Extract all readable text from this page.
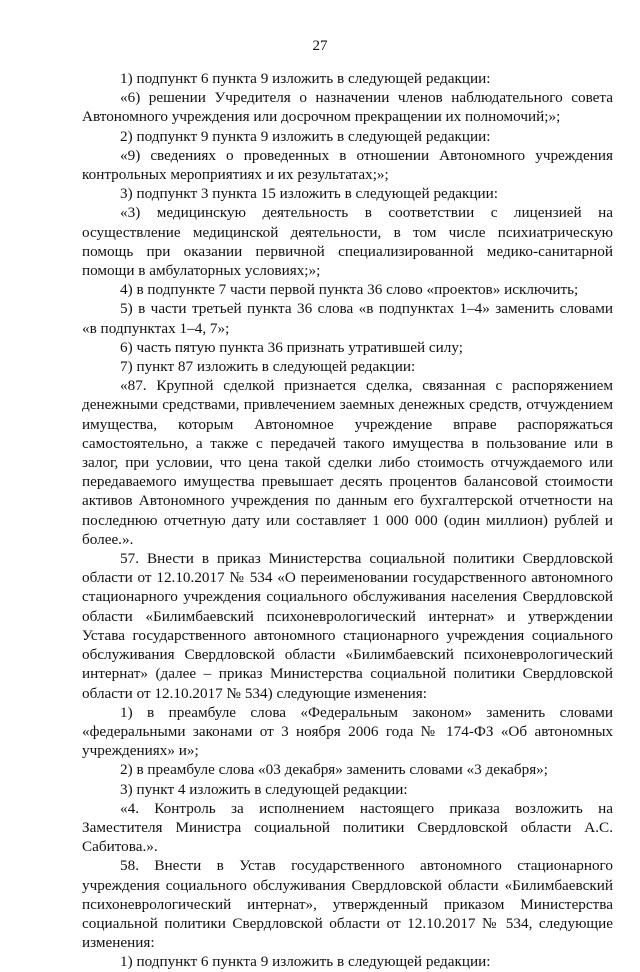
27

1) подпункт 6 пункта 9 изложить в следующей редакции:

«6) решении Учредителя о назначении членов наблюдательного совета Автономного учреждения или досрочном прекращении их полномочий;»;

2) подпункт 9 пункта 9 изложить в следующей редакции:

«9) сведениях о проведенных в отношении Автономного учреждения контрольных мероприятиях и их результатах;»;

3) подпункт 3 пункта 15 изложить в следующей редакции:

«3) медицинскую деятельность в соответствии с лицензией на осуществление медицинской деятельности, в том числе психиатрическую помощь при оказании первичной специализированной медико-санитарной помощи в амбулаторных условиях;»;

4) в подпункте 7 части первой пункта 36 слово «проектов» исключить;

5) в части третьей пункта 36 слова «в подпунктах 1–4» заменить словами «в подпунктах 1–4, 7»;

6) часть пятую пункта 36 признать утратившей силу;

7) пункт 87 изложить в следующей редакции:

«87. Крупной сделкой признается сделка, связанная с распоряжением денежными средствами, привлечением заемных денежных средств, отчуждением имущества, которым Автономное учреждение вправе распоряжаться самостоятельно, а также с передачей такого имущества в пользование или в залог, при условии, что цена такой сделки либо стоимость отчуждаемого или передаваемого имущества превышает десять процентов балансовой стоимости активов Автономного учреждения по данным его бухгалтерской отчетности на последнюю отчетную дату или составляет 1 000 000 (один миллион) рублей и более.».

57. Внести в приказ Министерства социальной политики Свердловской области от 12.10.2017 № 534 «О переименовании государственного автономного стационарного учреждения социального обслуживания населения Свердловской области «Билимбаевский психоневрологический интернат» и утверждении Устава государственного автономного стационарного учреждения социального обслуживания Свердловской области «Билимбаевский психоневрологический интернат» (далее – приказ Министерства социальной политики Свердловской области от 12.10.2017 № 534) следующие изменения:

1) в преамбуле слова «Федеральным законом» заменить словами «федеральными законами от 3 ноября 2006 года № 174-ФЗ «Об автономных учреждениях» и»;

2) в преамбуле слова «03 декабря» заменить словами «3 декабря»;

3) пункт 4 изложить в следующей редакции:

«4. Контроль за исполнением настоящего приказа возложить на Заместителя Министра социальной политики Свердловской области А.С. Сабитова.».

58. Внести в Устав государственного автономного стационарного учреждения социального обслуживания Свердловской области «Билимбаевский психоневрологический интернат», утвержденный приказом Министерства социальной политики Свердловской области от 12.10.2017 № 534, следующие изменения:

1) подпункт 6 пункта 9 изложить в следующей редакции:
